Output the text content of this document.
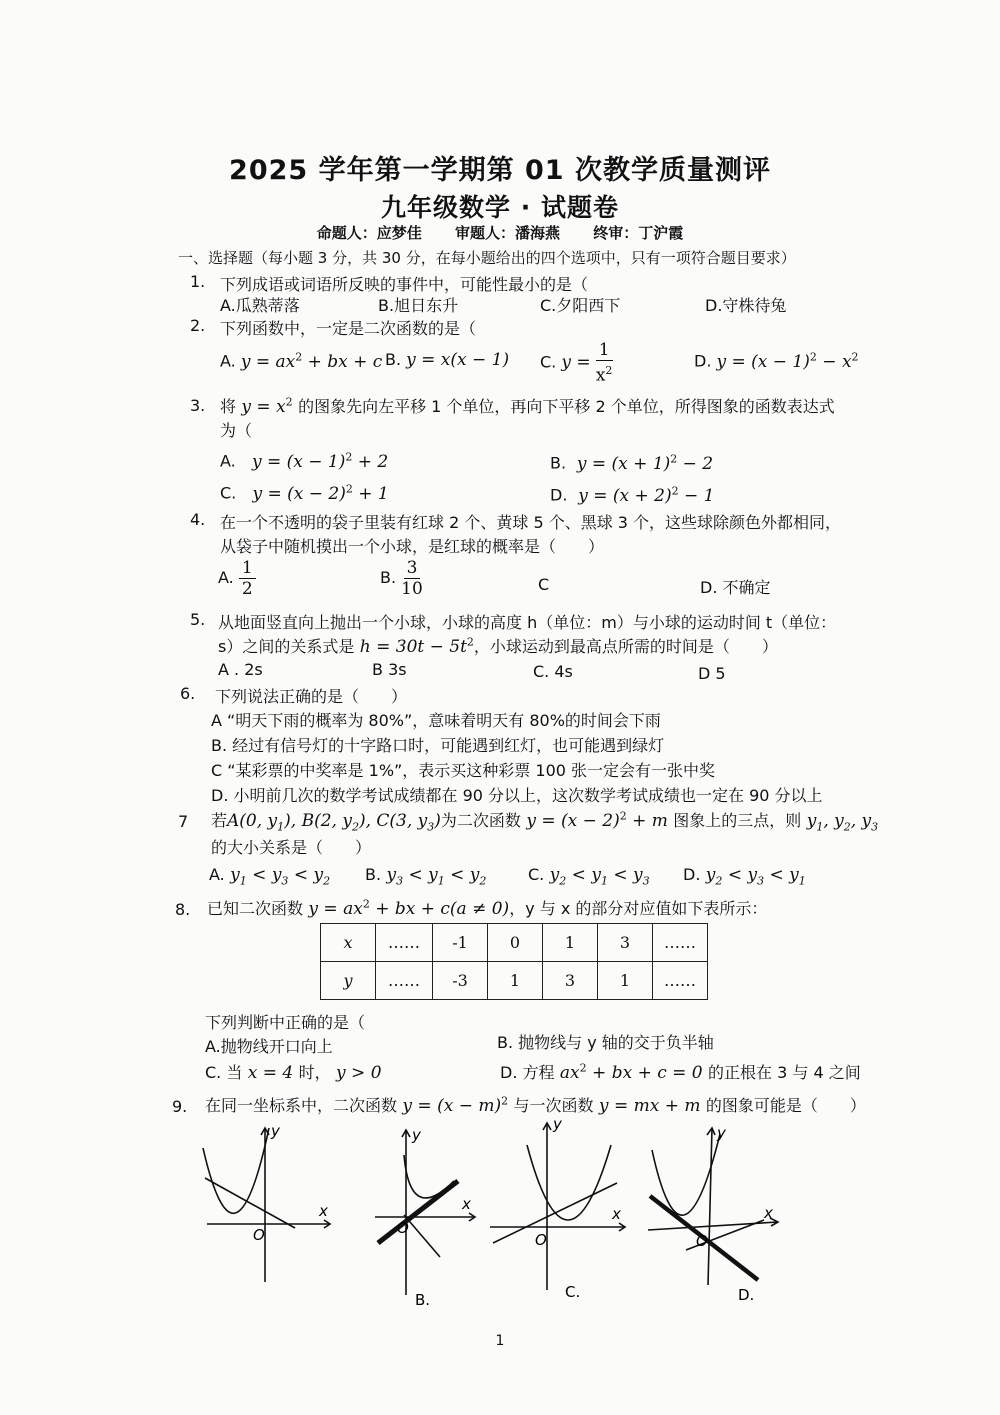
2025 学年第一学期第 01 次教学质量测评
九年级数学 · 试题卷
命题人：应梦佳 审题人：潘海燕 终审：丁沪霞
一、选择题（每小题 3 分，共 30 分，在每小题给出的四个选项中，只有一项符合题目要求）
1. 下列成语或词语所反映的事件中，可能性最小的是（
A.瓜熟蒂落	B.旭日东升	C.夕阳西下	D.守株待兔
2. 下列函数中，一定是二次函数的是（
A. $y = ax^2$ + bx + c B. y = x(x − 1) C. $y = \frac{1}{x^2}$	D. $y = (x - 1)^2 - x^2$
3. 将 $y = x^2$ 的图象先向左平移 1 个单位，再向下平移 2 个单位，所得图象的函数表达式
为（
A.   $y = (x - 1)^2 + 2$	B.  $y = (x + 1)^2 - 2$
C.   $y = (x - 2)^2 + 1$	D.  $y = (x + 2)^2 - 1$
4. 在一个不透明的袋子里装有红球 2 个、黄球 5 个、黑球 3 个，这些球除颜色外都相同，
从袋子中随机摸出一个小球，是红球的概率是（　　）
A. $\frac{1}{2}$	B. $\frac{3}{10}$	C	D. 不确定
5. 从地面竖直向上抛出一个小球，小球的高度 h（单位：m）与小球的运动时间 t（单位：
s）之间的关系式是 $h = 30t - 5t^2$，小球运动到最高点所需的时间是（　　）
A . 2s	B 3s	C. 4s	D 5
6. 下列说法正确的是（　　）
A “明天下雨的概率为 80%”，意味着明天有 80%的时间会下雨
B. 经过有信号灯的十字路口时，可能遇到红灯，也可能遇到绿灯
C “某彩票的中奖率是 1%”，表示买这种彩票 100 张一定会有一张中奖
D. 小明前几次的数学考试成绩都在 90 分以上，这次数学考试成绩也一定在 90 分以上
7 若A(0, $y_1$), B(2, $y_2$), C(3, $y_3$)为二次函数 $y = (x - 2)^2 + m$ 图象上的三点，则 $y_1$, $y_2$, $y_3$
的大小关系是（　　）
A. $y_1 < y_3 < y_2$ B. $y_3 < y_1 < y_2$	C. $y_2 < y_1 < y_3$ D. $y_2 < y_3 < y_1$
8. 已知二次函数 $y = ax^2$ + bx + c(a ≠ 0)，y 与 x 的部分对应值如下表所示：
x	……	-1	0	1	3	……
y	……	-3	1	3	1	……
下列判断中正确的是（
A.抛物线开口向上	B. 抛物线与 y 轴的交于负半轴
C. 当 x = 4 时， y > 0	D. 方程 $ax^2$ + bx + c = 0 的正根在 3 与 4 之间
9. 在同一坐标系中，二次函数 $y = (x - m)^2$ 与一次函数 y = mx + m 的图象可能是（　　）
x
y
O
x
y
O
B.
x
y
O
C.
x
y
O
D.
1
